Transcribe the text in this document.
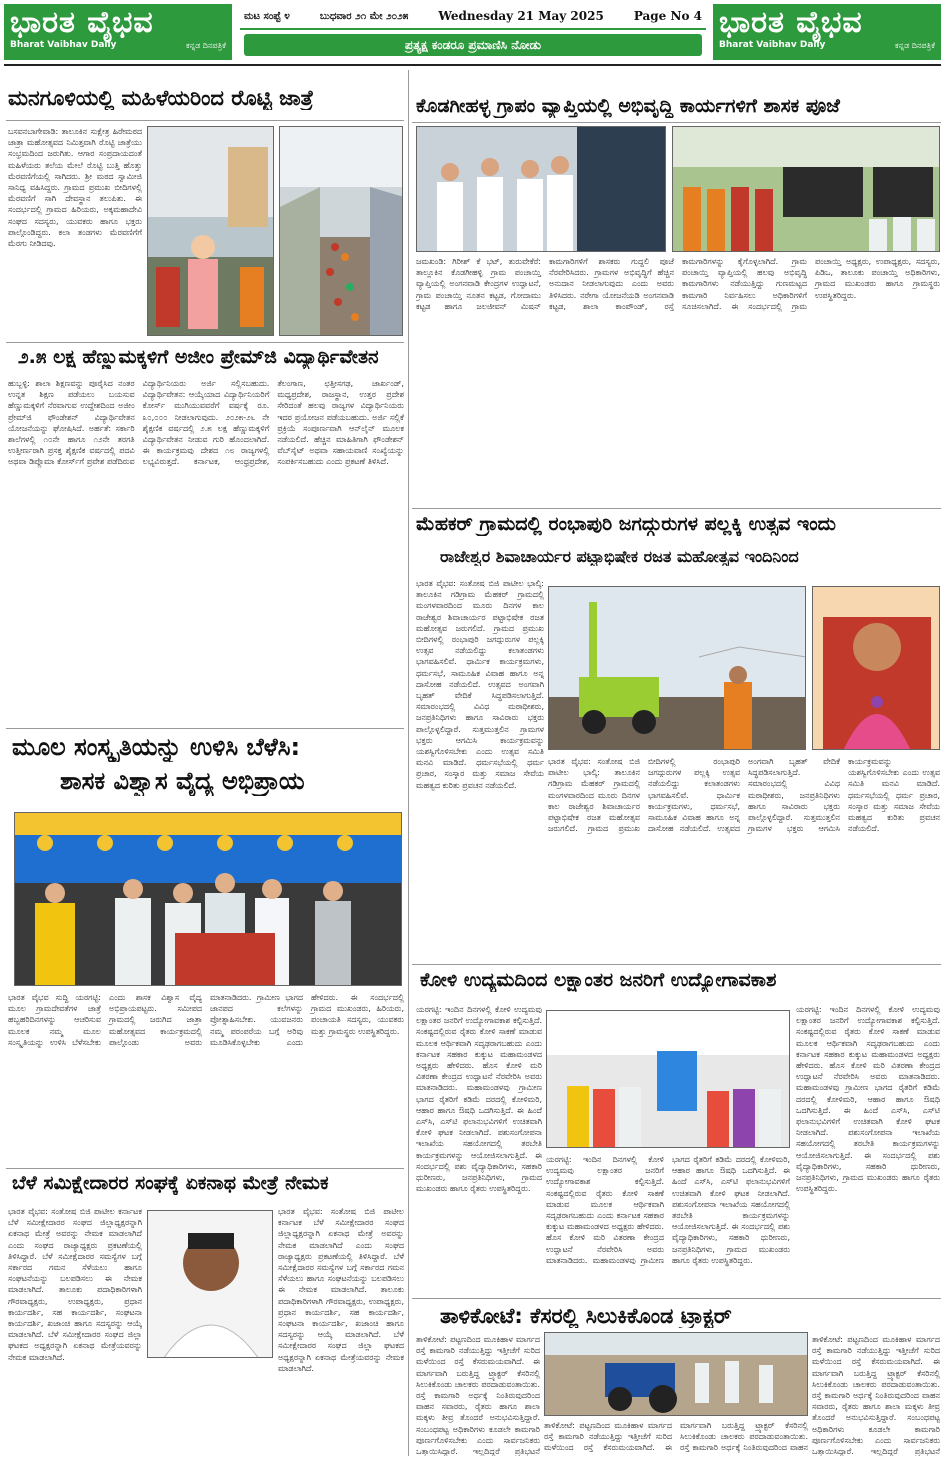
ಭಾರತ ವೈಭವ
Bharat Vaibhav Daily	ಕನ್ನಡ ದಿನಪತ್ರಿಕೆ
ಭಾರತ ವೈಭವ
Bharat Vaibhav Daily	ಕನ್ನಡ ದಿನಪತ್ರಿಕೆ
ಮಟ ಸಂಪ್ಟೆ ೪	ಬುಧವಾರ ೨೧ ಮೇ ೨೦೨೫	Wednesday 21 May 2025	Page No 4
ಪ್ರತ್ಯಕ್ಷ ಕಂಡರೂ ಪ್ರಮಾಣಿಸಿ ನೋಡು
ಮನಗೂಳಿಯಲ್ಲಿ ಮಹಿಳೆಯರಿಂದ ರೊಟ್ಟಿ ಜಾತ್ರೆ
ಬಸವನಬಾಗೇವಾಡಿ: ತಾಲೂಕಿನ ಸುಕ್ಷೇತ್ರ ಹಿರೇಮಠದ ಜಾತ್ರಾ ಮಹೋತ್ಸವದ ನಿಮಿತ್ತವಾಗಿ ರೊಟ್ಟಿ ಜಾತ್ರೆಯು ಸಂಭ್ರಮದಿಂದ ಜರುಗಿತು. ಆಗಾರ ಸಂಪ್ರದಾಯದಂತೆ ಮಹಿಳೆಯರು ತಲೆಯ ಮೇಲೆ ರೊಟ್ಟಿ ಬುತ್ತಿ ಹೊತ್ತು ಮೆರವಣಿಗೆಯಲ್ಲಿ ಸಾಗಿದರು. ಶ್ರೀ ಮಠದ ಸ್ವಾಮೀಜಿ ಸಾನಿಧ್ಯ ವಹಿಸಿದ್ದರು. ಗ್ರಾಮದ ಪ್ರಮುಖ ಬೀದಿಗಳಲ್ಲಿ ಮೆರವಣಿಗೆ ಸಾಗಿ ದೇವಸ್ಥಾನ ತಲುಪಿತು. ಈ ಸಂದರ್ಭದಲ್ಲಿ ಗ್ರಾಮದ ಹಿರಿಯರು, ಅಕ್ಕಮಹಾದೇವಿ ಸಂಘದ ಸದಸ್ಯರು, ಯುವಕರು ಹಾಗೂ ಭಕ್ತರು ಪಾಲ್ಗೊಂಡಿದ್ದರು. ಕಲಾ ತಂಡಗಳು ಮೆರವಣಿಗೆಗೆ ಮೆರಗು ನೀಡಿದವು.
೨.೫ ಲಕ್ಷ ಹೆಣ್ಣುಮಕ್ಕಳಿಗೆ ಅಜೀಂ ಪ್ರೇಮ್‌ಜಿ ವಿದ್ಯಾರ್ಥಿವೇತನ
ಹುಬ್ಬಳ್ಳಿ: ಶಾಲಾ ಶಿಕ್ಷಣವನ್ನು ಪೂರೈಸಿದ ನಂತರ ಉನ್ನತ ಶಿಕ್ಷಣ ಪಡೆಯಲು ಬಯಸುವ ಹೆಣ್ಣುಮಕ್ಕಳಿಗೆ ನೆರವಾಗುವ ಉದ್ದೇಶದಿಂದ ಅಜೀಂ ಪ್ರೇಮ್‌ಜಿ ಫೌಂಡೇಶನ್ ವಿದ್ಯಾರ್ಥಿವೇತನ ಯೋಜನೆಯನ್ನು ಘೋಷಿಸಿದೆ. ಅರ್ಹತೆ: ಸರ್ಕಾರಿ ಶಾಲೆಗಳಲ್ಲಿ ೧೦ನೇ ಹಾಗೂ ೧೨ನೇ ತರಗತಿ ಉತ್ತೀರ್ಣರಾಗಿ ಪ್ರಸಕ್ತ ಶೈಕ್ಷಣಿಕ ವರ್ಷದಲ್ಲಿ ಪದವಿ ಅಥವಾ ಡಿಪ್ಲೊಮಾ ಕೋರ್ಸ್‌ಗೆ ಪ್ರವೇಶ ಪಡೆದಿರುವ ವಿದ್ಯಾರ್ಥಿನಿಯರು ಅರ್ಜಿ ಸಲ್ಲಿಸಬಹುದು. ವಿದ್ಯಾರ್ಥಿವೇತನ: ಆಯ್ಕೆಯಾದ ವಿದ್ಯಾರ್ಥಿನಿಯರಿಗೆ ಕೋರ್ಸ್ ಮುಗಿಯುವವರೆಗೆ ವರ್ಷಕ್ಕೆ ರೂ. ೩೦,೦೦೦ ನೀಡಲಾಗುವುದು. ೨೦೨೫-೨೬ ನೇ ಶೈಕ್ಷಣಿಕ ವರ್ಷದಲ್ಲಿ ೨.೫ ಲಕ್ಷ ಹೆಣ್ಣುಮಕ್ಕಳಿಗೆ ವಿದ್ಯಾರ್ಥಿವೇತನ ನೀಡುವ ಗುರಿ ಹೊಂದಲಾಗಿದೆ. ಈ ಕಾರ್ಯಕ್ರಮವು ದೇಶದ ೧೮ ರಾಜ್ಯಗಳಲ್ಲಿ ಲಭ್ಯವಿರುತ್ತದೆ. ಕರ್ನಾಟಕ, ಆಂಧ್ರಪ್ರದೇಶ, ತೆಲಂಗಾಣ, ಛತ್ತೀಸಗಢ, ಜಾರ್ಖಂಡ್, ಮಧ್ಯಪ್ರದೇಶ, ರಾಜಸ್ಥಾನ, ಉತ್ತರ ಪ್ರದೇಶ ಸೇರಿದಂತೆ ಹಲವು ರಾಜ್ಯಗಳ ವಿದ್ಯಾರ್ಥಿನಿಯರು ಇದರ ಪ್ರಯೋಜನ ಪಡೆಯಬಹುದು. ಅರ್ಜಿ ಸಲ್ಲಿಕೆ ಪ್ರಕ್ರಿಯೆ ಸಂಪೂರ್ಣವಾಗಿ ಆನ್‌ಲೈನ್ ಮೂಲಕ ನಡೆಯಲಿದೆ. ಹೆಚ್ಚಿನ ಮಾಹಿತಿಗಾಗಿ ಫೌಂಡೇಶನ್ ವೆಬ್‌ಸೈಟ್ ಅಥವಾ ಸಹಾಯವಾಣಿ ಸಂಖ್ಯೆಯನ್ನು ಸಂಪರ್ಕಿಸಬಹುದು ಎಂದು ಪ್ರಕಟಣೆ ತಿಳಿಸಿದೆ.
ಮೂಲ ಸಂಸ್ಕೃತಿಯನ್ನು ಉಳಿಸಿ ಬೆಳೆಸಿ:
ಶಾಸಕ ವಿಶ್ವಾಸ ವೈದ್ಯ ಅಭಿಪ್ರಾಯ
ಭಾರತ ವೈಭವ ಸುದ್ದಿ ಯರಗಟ್ಟಿ: ಮೂಲ ಗ್ರಾಮದೇವತೆಗಳ ಜಾತ್ರೆ ಹಬ್ಬಹರಿದಿನಗಳನ್ನು ಆಚರಿಸುವ ಮೂಲಕ ನಮ್ಮ ಮೂಲ ಸಂಸ್ಕೃತಿಯನ್ನು ಉಳಿಸಿ ಬೆಳೆಸಬೇಕು ಎಂದು ಶಾಸಕ ವಿಶ್ವಾಸ ವೈದ್ಯ ಅಭಿಪ್ರಾಯಪಟ್ಟರು. ಸಮೀಪದ ಗ್ರಾಮದಲ್ಲಿ ಜರುಗಿದ ಜಾತ್ರಾ ಮಹೋತ್ಸವದ ಕಾರ್ಯಕ್ರಮದಲ್ಲಿ ಪಾಲ್ಗೊಂಡು ಅವರು ಮಾತನಾಡಿದರು. ಗ್ರಾಮೀಣ ಭಾಗದ ಜಾನಪದ ಕಲೆಗಳನ್ನು ಪ್ರೋತ್ಸಾಹಿಸಬೇಕು. ಯುವಜನರು ನಮ್ಮ ಪರಂಪರೆಯ ಬಗ್ಗೆ ಅರಿವು ಮೂಡಿಸಿಕೊಳ್ಳಬೇಕು ಎಂದು ಹೇಳಿದರು. ಈ ಸಂದರ್ಭದಲ್ಲಿ ಗ್ರಾಮದ ಮುಖಂಡರು, ಹಿರಿಯರು, ಪಂಚಾಯತಿ ಸದಸ್ಯರು, ಯುವಕರು ಮತ್ತು ಗ್ರಾಮಸ್ಥರು ಉಪಸ್ಥಿತರಿದ್ದರು.
ಬೆಳೆ ಸಮಿಕ್ಷೇದಾರರ ಸಂಘಕ್ಕೆ ಏಕನಾಥ ಮೇತ್ರೆ ನೇಮಕ
ಭಾರತ ವೈಭವ: ಸಂತೋಷ ಬಿಜಿ ಪಾಟೀಲ ಕರ್ನಾಟಕ ಬೆಳೆ ಸಮೀಕ್ಷೇದಾರರ ಸಂಘದ ಜಿಲ್ಲಾಧ್ಯಕ್ಷರನ್ನಾಗಿ ಏಕನಾಥ ಮೇತ್ರೆ ಅವರನ್ನು ನೇಮಕ ಮಾಡಲಾಗಿದೆ ಎಂದು ಸಂಘದ ರಾಜ್ಯಾಧ್ಯಕ್ಷರು ಪ್ರಕಟಣೆಯಲ್ಲಿ ತಿಳಿಸಿದ್ದಾರೆ. ಬೆಳೆ ಸಮೀಕ್ಷೆದಾರರ ಸಮಸ್ಯೆಗಳ ಬಗ್ಗೆ ಸರ್ಕಾರದ ಗಮನ ಸೆಳೆಯಲು ಹಾಗೂ ಸಂಘಟನೆಯನ್ನು ಬಲಪಡಿಸಲು ಈ ನೇಮಕ ಮಾಡಲಾಗಿದೆ. ತಾಲೂಕು ಪದಾಧಿಕಾರಿಗಳಾಗಿ ಗೌರವಾಧ್ಯಕ್ಷರು, ಉಪಾಧ್ಯಕ್ಷರು, ಪ್ರಧಾನ ಕಾರ್ಯದರ್ಶಿ, ಸಹ ಕಾರ್ಯದರ್ಶಿ, ಸಂಘಟನಾ ಕಾರ್ಯದರ್ಶಿ, ಖಜಾಂಚಿ ಹಾಗೂ ಸದಸ್ಯರನ್ನು ಆಯ್ಕೆ ಮಾಡಲಾಗಿದೆ. ಬೆಳೆ ಸಮೀಕ್ಷೇದಾರರ ಸಂಘದ ಜಿಲ್ಲಾ ಘಟಕದ ಅಧ್ಯಕ್ಷರನ್ನಾಗಿ ಏಕನಾಥ ಮೇತ್ರೆಯವರನ್ನು ನೇಮಕ ಮಾಡಲಾಗಿದೆ.
ಭಾರತ ವೈಭವ: ಸಂತೋಷ ಬಿಜಿ ಪಾಟೀಲ ಕರ್ನಾಟಕ ಬೆಳೆ ಸಮೀಕ್ಷೇದಾರರ ಸಂಘದ ಜಿಲ್ಲಾಧ್ಯಕ್ಷರನ್ನಾಗಿ ಏಕನಾಥ ಮೇತ್ರೆ ಅವರನ್ನು ನೇಮಕ ಮಾಡಲಾಗಿದೆ ಎಂದು ಸಂಘದ ರಾಜ್ಯಾಧ್ಯಕ್ಷರು ಪ್ರಕಟಣೆಯಲ್ಲಿ ತಿಳಿಸಿದ್ದಾರೆ. ಬೆಳೆ ಸಮೀಕ್ಷೆದಾರರ ಸಮಸ್ಯೆಗಳ ಬಗ್ಗೆ ಸರ್ಕಾರದ ಗಮನ ಸೆಳೆಯಲು ಹಾಗೂ ಸಂಘಟನೆಯನ್ನು ಬಲಪಡಿಸಲು ಈ ನೇಮಕ ಮಾಡಲಾಗಿದೆ. ತಾಲೂಕು ಪದಾಧಿಕಾರಿಗಳಾಗಿ ಗೌರವಾಧ್ಯಕ್ಷರು, ಉಪಾಧ್ಯಕ್ಷರು, ಪ್ರಧಾನ ಕಾರ್ಯದರ್ಶಿ, ಸಹ ಕಾರ್ಯದರ್ಶಿ, ಸಂಘಟನಾ ಕಾರ್ಯದರ್ಶಿ, ಖಜಾಂಚಿ ಹಾಗೂ ಸದಸ್ಯರನ್ನು ಆಯ್ಕೆ ಮಾಡಲಾಗಿದೆ. ಬೆಳೆ ಸಮೀಕ್ಷೇದಾರರ ಸಂಘದ ಜಿಲ್ಲಾ ಘಟಕದ ಅಧ್ಯಕ್ಷರನ್ನಾಗಿ ಏಕನಾಥ ಮೇತ್ರೆಯವರನ್ನು ನೇಮಕ ಮಾಡಲಾಗಿದೆ.
ಕೊಡಗೀಹಳ್ಳ ಗ್ರಾಪಂ ವ್ಯಾಪ್ತಿಯಲ್ಲಿ ಅಭಿವೃದ್ಧಿ ಕಾರ್ಯಗಳಿಗೆ ಶಾಸಕ ಪೂಜೆ
ಜಮಖಂಡಿ: ಗಿರೀಶ್ ಕೆ ಭಟ್, ತುರುವೇಕೆರೆ: ತಾಲ್ಲೂಕಿನ ಕೊಡಗೀಹಳ್ಳಿ ಗ್ರಾಮ ಪಂಚಾಯ್ತಿ ವ್ಯಾಪ್ತಿಯಲ್ಲಿ ಅಂಗನವಾಡಿ ಕೇಂದ್ರಗಳ ಉದ್ಘಾಟನೆ, ಗ್ರಾಮ ಪಂಚಾಯ್ತಿ ನೂತನ ಕಟ್ಟಡ, ಗೋದಾಮು ಕಟ್ಟಡ ಹಾಗೂ ಜಲಜೀವನ್ ಮಿಷನ್ ಕಾಮಗಾರಿಗಳಿಗೆ ಶಾಸಕರು ಗುದ್ದಲಿ ಪೂಜೆ ನೆರವೇರಿಸಿದರು. ಗ್ರಾಮಗಳ ಅಭಿವೃದ್ಧಿಗೆ ಹೆಚ್ಚಿನ ಅನುದಾನ ನೀಡಲಾಗುವುದು ಎಂದು ಅವರು ತಿಳಿಸಿದರು. ನರೇಗಾ ಯೋಜನೆಯಡಿ ಅಂಗನವಾಡಿ ಕಟ್ಟಡ, ಶಾಲಾ ಕಾಂಪೌಂಡ್, ರಸ್ತೆ ಕಾಮಗಾರಿಗಳನ್ನು ಕೈಗೊಳ್ಳಲಾಗಿದೆ. ಗ್ರಾಮ ಪಂಚಾಯ್ತಿ ವ್ಯಾಪ್ತಿಯಲ್ಲಿ ಹಲವು ಅಭಿವೃದ್ಧಿ ಕಾಮಗಾರಿಗಳು ನಡೆಯುತ್ತಿದ್ದು ಗುಣಮಟ್ಟದ ಕಾಮಗಾರಿ ನಿರ್ವಹಿಸಲು ಅಧಿಕಾರಿಗಳಿಗೆ ಸೂಚಿಸಲಾಗಿದೆ. ಈ ಸಂದರ್ಭದಲ್ಲಿ ಗ್ರಾಮ ಪಂಚಾಯ್ತಿ ಅಧ್ಯಕ್ಷರು, ಉಪಾಧ್ಯಕ್ಷರು, ಸದಸ್ಯರು, ಪಿಡಿಒ, ತಾಲೂಕು ಪಂಚಾಯ್ತಿ ಅಧಿಕಾರಿಗಳು, ಗ್ರಾಮದ ಮುಖಂಡರು ಹಾಗೂ ಗ್ರಾಮಸ್ಥರು ಉಪಸ್ಥಿತರಿದ್ದರು.
ಮೆಹಕರ್ ಗ್ರಾಮದಲ್ಲಿ ರಂಭಾಪುರಿ ಜಗದ್ಗುರುಗಳ ಪಲ್ಲಕ್ಕಿ ಉತ್ಸವ ಇಂದು
ರಾಜೇಶ್ವರ ಶಿವಾಚಾರ್ಯರ ಪಟ್ಟಾಭಿಷೇಕ ರಜತ ಮಹೋತ್ಸವ ಇಂದಿನಿಂದ
ಭಾರತ ವೈಭವ: ಸಂತೋಷ ಬಿಜಿ ಪಾಟೀಲ ಭಾಲ್ಕಿ: ತಾಲೂಕಿನ ಗಡಿಗ್ರಾಮ ಮೆಹಕರ್ ಗ್ರಾಮದಲ್ಲಿ ಮಂಗಳವಾರದಿಂದ ಮೂರು ದಿನಗಳ ಕಾಲ ರಾಜೇಶ್ವರ ಶಿವಾಚಾರ್ಯರ ಪಟ್ಟಾಭಿಷೇಕ ರಜತ ಮಹೋತ್ಸವ ಜರುಗಲಿದೆ. ಗ್ರಾಮದ ಪ್ರಮುಖ ಬೀದಿಗಳಲ್ಲಿ ರಂಭಾಪುರಿ ಜಗದ್ಗುರುಗಳ ಪಲ್ಲಕ್ಕಿ ಉತ್ಸವ ನಡೆಯಲಿದ್ದು ಕಲಾತಂಡಗಳು ಭಾಗವಹಿಸಲಿವೆ. ಧಾರ್ಮಿಕ ಕಾರ್ಯಕ್ರಮಗಳು, ಧರ್ಮಸಭೆ, ಸಾಮೂಹಿಕ ವಿವಾಹ ಹಾಗೂ ಅನ್ನ ದಾಸೋಹ ನಡೆಯಲಿದೆ. ಉತ್ಸವದ ಅಂಗವಾಗಿ ಬೃಹತ್ ವೇದಿಕೆ ಸಿದ್ಧಪಡಿಸಲಾಗುತ್ತಿದೆ. ಸಮಾರಂಭದಲ್ಲಿ ವಿವಿಧ ಮಠಾಧೀಶರು, ಜನಪ್ರತಿನಿಧಿಗಳು ಹಾಗೂ ಸಾವಿರಾರು ಭಕ್ತರು ಪಾಲ್ಗೊಳ್ಳಲಿದ್ದಾರೆ. ಸುತ್ತಮುತ್ತಲಿನ ಗ್ರಾಮಗಳ ಭಕ್ತರು ಆಗಮಿಸಿ ಕಾರ್ಯಕ್ರಮವನ್ನು ಯಶಸ್ವಿಗೊಳಿಸಬೇಕು ಎಂದು ಉತ್ಸವ ಸಮಿತಿ ಮನವಿ ಮಾಡಿದೆ. ಧರ್ಮಸಭೆಯಲ್ಲಿ ಧರ್ಮ ಪ್ರಚಾರ, ಸಂಸ್ಕಾರ ಮತ್ತು ಸಮಾಜ ಸೇವೆಯ ಮಹತ್ವದ ಕುರಿತು ಪ್ರವಚನ ನಡೆಯಲಿದೆ.
ಭಾರತ ವೈಭವ: ಸಂತೋಷ ಬಿಜಿ ಪಾಟೀಲ ಭಾಲ್ಕಿ: ತಾಲೂಕಿನ ಗಡಿಗ್ರಾಮ ಮೆಹಕರ್ ಗ್ರಾಮದಲ್ಲಿ ಮಂಗಳವಾರದಿಂದ ಮೂರು ದಿನಗಳ ಕಾಲ ರಾಜೇಶ್ವರ ಶಿವಾಚಾರ್ಯರ ಪಟ್ಟಾಭಿಷೇಕ ರಜತ ಮಹೋತ್ಸವ ಜರುಗಲಿದೆ. ಗ್ರಾಮದ ಪ್ರಮುಖ ಬೀದಿಗಳಲ್ಲಿ ರಂಭಾಪುರಿ ಜಗದ್ಗುರುಗಳ ಪಲ್ಲಕ್ಕಿ ಉತ್ಸವ ನಡೆಯಲಿದ್ದು ಕಲಾತಂಡಗಳು ಭಾಗವಹಿಸಲಿವೆ. ಧಾರ್ಮಿಕ ಕಾರ್ಯಕ್ರಮಗಳು, ಧರ್ಮಸಭೆ, ಸಾಮೂಹಿಕ ವಿವಾಹ ಹಾಗೂ ಅನ್ನ ದಾಸೋಹ ನಡೆಯಲಿದೆ. ಉತ್ಸವದ ಅಂಗವಾಗಿ ಬೃಹತ್ ವೇದಿಕೆ ಸಿದ್ಧಪಡಿಸಲಾಗುತ್ತಿದೆ. ಸಮಾರಂಭದಲ್ಲಿ ವಿವಿಧ ಮಠಾಧೀಶರು, ಜನಪ್ರತಿನಿಧಿಗಳು ಹಾಗೂ ಸಾವಿರಾರು ಭಕ್ತರು ಪಾಲ್ಗೊಳ್ಳಲಿದ್ದಾರೆ. ಸುತ್ತಮುತ್ತಲಿನ ಗ್ರಾಮಗಳ ಭಕ್ತರು ಆಗಮಿಸಿ ಕಾರ್ಯಕ್ರಮವನ್ನು ಯಶಸ್ವಿಗೊಳಿಸಬೇಕು ಎಂದು ಉತ್ಸವ ಸಮಿತಿ ಮನವಿ ಮಾಡಿದೆ. ಧರ್ಮಸಭೆಯಲ್ಲಿ ಧರ್ಮ ಪ್ರಚಾರ, ಸಂಸ್ಕಾರ ಮತ್ತು ಸಮಾಜ ಸೇವೆಯ ಮಹತ್ವದ ಕುರಿತು ಪ್ರವಚನ ನಡೆಯಲಿದೆ.
ಕೋಳಿ ಉದ್ಯಮದಿಂದ ಲಕ್ಷಾಂತರ ಜನರಿಗೆ ಉದ್ಯೋಗಾವಕಾಶ
ಯರಗಟ್ಟಿ: ಇಂದಿನ ದಿನಗಳಲ್ಲಿ ಕೋಳಿ ಉದ್ಯಮವು ಲಕ್ಷಾಂತರ ಜನರಿಗೆ ಉದ್ಯೋಗಾವಕಾಶ ಕಲ್ಪಿಸುತ್ತಿದೆ. ಸಂಕಷ್ಟದಲ್ಲಿರುವ ರೈತರು ಕೋಳಿ ಸಾಕಣೆ ಮಾಡುವ ಮೂಲಕ ಆರ್ಥಿಕವಾಗಿ ಸದೃಢರಾಗಬಹುದು ಎಂದು ಕರ್ನಾಟಕ ಸಹಕಾರ ಕುಕ್ಕುಟ ಮಹಾಮಂಡಳದ ಅಧ್ಯಕ್ಷರು ಹೇಳಿದರು. ಹೊಸ ಕೋಳಿ ಮರಿ ವಿತರಣಾ ಕೇಂದ್ರದ ಉದ್ಘಾಟನೆ ನೆರವೇರಿಸಿ ಅವರು ಮಾತನಾಡಿದರು. ಮಹಾಮಂಡಳವು ಗ್ರಾಮೀಣ ಭಾಗದ ರೈತರಿಗೆ ಕಡಿಮೆ ದರದಲ್ಲಿ ಕೋಳಿಮರಿ, ಆಹಾರ ಹಾಗೂ ಔಷಧಿ ಒದಗಿಸುತ್ತಿದೆ. ಈ ಹಿಂದೆ ಎಸ್‌ಸಿ, ಎಸ್‌ಟಿ ಫಲಾನುಭವಿಗಳಿಗೆ ಉಚಿತವಾಗಿ ಕೋಳಿ ಘಟಕ ನೀಡಲಾಗಿದೆ. ಪಶುಸಂಗೋಪನಾ ಇಲಾಖೆಯ ಸಹಯೋಗದಲ್ಲಿ ತರಬೇತಿ ಕಾರ್ಯಕ್ರಮಗಳನ್ನು ಆಯೋಜಿಸಲಾಗುತ್ತಿದೆ. ಈ ಸಂದರ್ಭದಲ್ಲಿ ಪಶು ವೈದ್ಯಾಧಿಕಾರಿಗಳು, ಸಹಕಾರಿ ಧುರೀಣರು, ಜನಪ್ರತಿನಿಧಿಗಳು, ಗ್ರಾಮದ ಮುಖಂಡರು ಹಾಗೂ ರೈತರು ಉಪಸ್ಥಿತರಿದ್ದರು.
ಯರಗಟ್ಟಿ: ಇಂದಿನ ದಿನಗಳಲ್ಲಿ ಕೋಳಿ ಉದ್ಯಮವು ಲಕ್ಷಾಂತರ ಜನರಿಗೆ ಉದ್ಯೋಗಾವಕಾಶ ಕಲ್ಪಿಸುತ್ತಿದೆ. ಸಂಕಷ್ಟದಲ್ಲಿರುವ ರೈತರು ಕೋಳಿ ಸಾಕಣೆ ಮಾಡುವ ಮೂಲಕ ಆರ್ಥಿಕವಾಗಿ ಸದೃಢರಾಗಬಹುದು ಎಂದು ಕರ್ನಾಟಕ ಸಹಕಾರ ಕುಕ್ಕುಟ ಮಹಾಮಂಡಳದ ಅಧ್ಯಕ್ಷರು ಹೇಳಿದರು. ಹೊಸ ಕೋಳಿ ಮರಿ ವಿತರಣಾ ಕೇಂದ್ರದ ಉದ್ಘಾಟನೆ ನೆರವೇರಿಸಿ ಅವರು ಮಾತನಾಡಿದರು. ಮಹಾಮಂಡಳವು ಗ್ರಾಮೀಣ ಭಾಗದ ರೈತರಿಗೆ ಕಡಿಮೆ ದರದಲ್ಲಿ ಕೋಳಿಮರಿ, ಆಹಾರ ಹಾಗೂ ಔಷಧಿ ಒದಗಿಸುತ್ತಿದೆ. ಈ ಹಿಂದೆ ಎಸ್‌ಸಿ, ಎಸ್‌ಟಿ ಫಲಾನುಭವಿಗಳಿಗೆ ಉಚಿತವಾಗಿ ಕೋಳಿ ಘಟಕ ನೀಡಲಾಗಿದೆ. ಪಶುಸಂಗೋಪನಾ ಇಲಾಖೆಯ ಸಹಯೋಗದಲ್ಲಿ ತರಬೇತಿ ಕಾರ್ಯಕ್ರಮಗಳನ್ನು ಆಯೋಜಿಸಲಾಗುತ್ತಿದೆ. ಈ ಸಂದರ್ಭದಲ್ಲಿ ಪಶು ವೈದ್ಯಾಧಿಕಾರಿಗಳು, ಸಹಕಾರಿ ಧುರೀಣರು, ಜನಪ್ರತಿನಿಧಿಗಳು, ಗ್ರಾಮದ ಮುಖಂಡರು ಹಾಗೂ ರೈತರು ಉಪಸ್ಥಿತರಿದ್ದರು.
ಯರಗಟ್ಟಿ: ಇಂದಿನ ದಿನಗಳಲ್ಲಿ ಕೋಳಿ ಉದ್ಯಮವು ಲಕ್ಷಾಂತರ ಜನರಿಗೆ ಉದ್ಯೋಗಾವಕಾಶ ಕಲ್ಪಿಸುತ್ತಿದೆ. ಸಂಕಷ್ಟದಲ್ಲಿರುವ ರೈತರು ಕೋಳಿ ಸಾಕಣೆ ಮಾಡುವ ಮೂಲಕ ಆರ್ಥಿಕವಾಗಿ ಸದೃಢರಾಗಬಹುದು ಎಂದು ಕರ್ನಾಟಕ ಸಹಕಾರ ಕುಕ್ಕುಟ ಮಹಾಮಂಡಳದ ಅಧ್ಯಕ್ಷರು ಹೇಳಿದರು. ಹೊಸ ಕೋಳಿ ಮರಿ ವಿತರಣಾ ಕೇಂದ್ರದ ಉದ್ಘಾಟನೆ ನೆರವೇರಿಸಿ ಅವರು ಮಾತನಾಡಿದರು. ಮಹಾಮಂಡಳವು ಗ್ರಾಮೀಣ ಭಾಗದ ರೈತರಿಗೆ ಕಡಿಮೆ ದರದಲ್ಲಿ ಕೋಳಿಮರಿ, ಆಹಾರ ಹಾಗೂ ಔಷಧಿ ಒದಗಿಸುತ್ತಿದೆ. ಈ ಹಿಂದೆ ಎಸ್‌ಸಿ, ಎಸ್‌ಟಿ ಫಲಾನುಭವಿಗಳಿಗೆ ಉಚಿತವಾಗಿ ಕೋಳಿ ಘಟಕ ನೀಡಲಾಗಿದೆ. ಪಶುಸಂಗೋಪನಾ ಇಲಾಖೆಯ ಸಹಯೋಗದಲ್ಲಿ ತರಬೇತಿ ಕಾರ್ಯಕ್ರಮಗಳನ್ನು ಆಯೋಜಿಸಲಾಗುತ್ತಿದೆ. ಈ ಸಂದರ್ಭದಲ್ಲಿ ಪಶು ವೈದ್ಯಾಧಿಕಾರಿಗಳು, ಸಹಕಾರಿ ಧುರೀಣರು, ಜನಪ್ರತಿನಿಧಿಗಳು, ಗ್ರಾಮದ ಮುಖಂಡರು ಹಾಗೂ ರೈತರು ಉಪಸ್ಥಿತರಿದ್ದರು.
ತಾಳಿಕೋಟೆ: ಕೆಸರಲ್ಲಿ ಸಿಲುಕಿಕೊಂಡ ಟ್ರ್ಯಾಕ್ಟರ್
ತಾಳಿಕೋಟೆ: ಪಟ್ಟಣದಿಂದ ಮೂಕಿಹಾಳ ಮಾರ್ಗದ ರಸ್ತೆ ಕಾಮಗಾರಿ ನಡೆಯುತ್ತಿದ್ದು ಇತ್ತೀಚೆಗೆ ಸುರಿದ ಮಳೆಯಿಂದ ರಸ್ತೆ ಕೆಸರುಮಯವಾಗಿದೆ. ಈ ಮಾರ್ಗವಾಗಿ ಬರುತ್ತಿದ್ದ ಟ್ರ್ಯಾಕ್ಟರ್ ಕೆಸರಿನಲ್ಲಿ ಸಿಲುಕಿಕೊಂಡು ಚಾಲಕರು ಪರದಾಡುವಂತಾಯಿತು. ರಸ್ತೆ ಕಾಮಗಾರಿ ಅರ್ಧಕ್ಕೆ ನಿಂತಿರುವುದರಿಂದ ವಾಹನ ಸವಾರರು, ರೈತರು ಹಾಗೂ ಶಾಲಾ ಮಕ್ಕಳು ತೀವ್ರ ತೊಂದರೆ ಅನುಭವಿಸುತ್ತಿದ್ದಾರೆ. ಸಂಬಂಧಪಟ್ಟ ಅಧಿಕಾರಿಗಳು ಕೂಡಲೇ ಕಾಮಗಾರಿ ಪೂರ್ಣಗೊಳಿಸಬೇಕು ಎಂದು ಸಾರ್ವಜನಿಕರು ಒತ್ತಾಯಿಸಿದ್ದಾರೆ. ಇಲ್ಲದಿದ್ದರೆ ಪ್ರತಿಭಟನೆ
ತಾಳಿಕೋಟೆ: ಪಟ್ಟಣದಿಂದ ಮೂಕಿಹಾಳ ಮಾರ್ಗದ ರಸ್ತೆ ಕಾಮಗಾರಿ ನಡೆಯುತ್ತಿದ್ದು ಇತ್ತೀಚೆಗೆ ಸುರಿದ ಮಳೆಯಿಂದ ರಸ್ತೆ ಕೆಸರುಮಯವಾಗಿದೆ. ಈ ಮಾರ್ಗವಾಗಿ ಬರುತ್ತಿದ್ದ ಟ್ರ್ಯಾಕ್ಟರ್ ಕೆಸರಿನಲ್ಲಿ ಸಿಲುಕಿಕೊಂಡು ಚಾಲಕರು ಪರದಾಡುವಂತಾಯಿತು. ರಸ್ತೆ ಕಾಮಗಾರಿ ಅರ್ಧಕ್ಕೆ ನಿಂತಿರುವುದರಿಂದ ವಾಹನ
ತಾಳಿಕೋಟೆ: ಪಟ್ಟಣದಿಂದ ಮೂಕಿಹಾಳ ಮಾರ್ಗದ ರಸ್ತೆ ಕಾಮಗಾರಿ ನಡೆಯುತ್ತಿದ್ದು ಇತ್ತೀಚೆಗೆ ಸುರಿದ ಮಳೆಯಿಂದ ರಸ್ತೆ ಕೆಸರುಮಯವಾಗಿದೆ. ಈ ಮಾರ್ಗವಾಗಿ ಬರುತ್ತಿದ್ದ ಟ್ರ್ಯಾಕ್ಟರ್ ಕೆಸರಿನಲ್ಲಿ ಸಿಲುಕಿಕೊಂಡು ಚಾಲಕರು ಪರದಾಡುವಂತಾಯಿತು. ರಸ್ತೆ ಕಾಮಗಾರಿ ಅರ್ಧಕ್ಕೆ ನಿಂತಿರುವುದರಿಂದ ವಾಹನ ಸವಾರರು, ರೈತರು ಹಾಗೂ ಶಾಲಾ ಮಕ್ಕಳು ತೀವ್ರ ತೊಂದರೆ ಅನುಭವಿಸುತ್ತಿದ್ದಾರೆ. ಸಂಬಂಧಪಟ್ಟ ಅಧಿಕಾರಿಗಳು ಕೂಡಲೇ ಕಾಮಗಾರಿ ಪೂರ್ಣಗೊಳಿಸಬೇಕು ಎಂದು ಸಾರ್ವಜನಿಕರು ಒತ್ತಾಯಿಸಿದ್ದಾರೆ. ಇಲ್ಲದಿದ್ದರೆ ಪ್ರತಿಭಟನೆ
